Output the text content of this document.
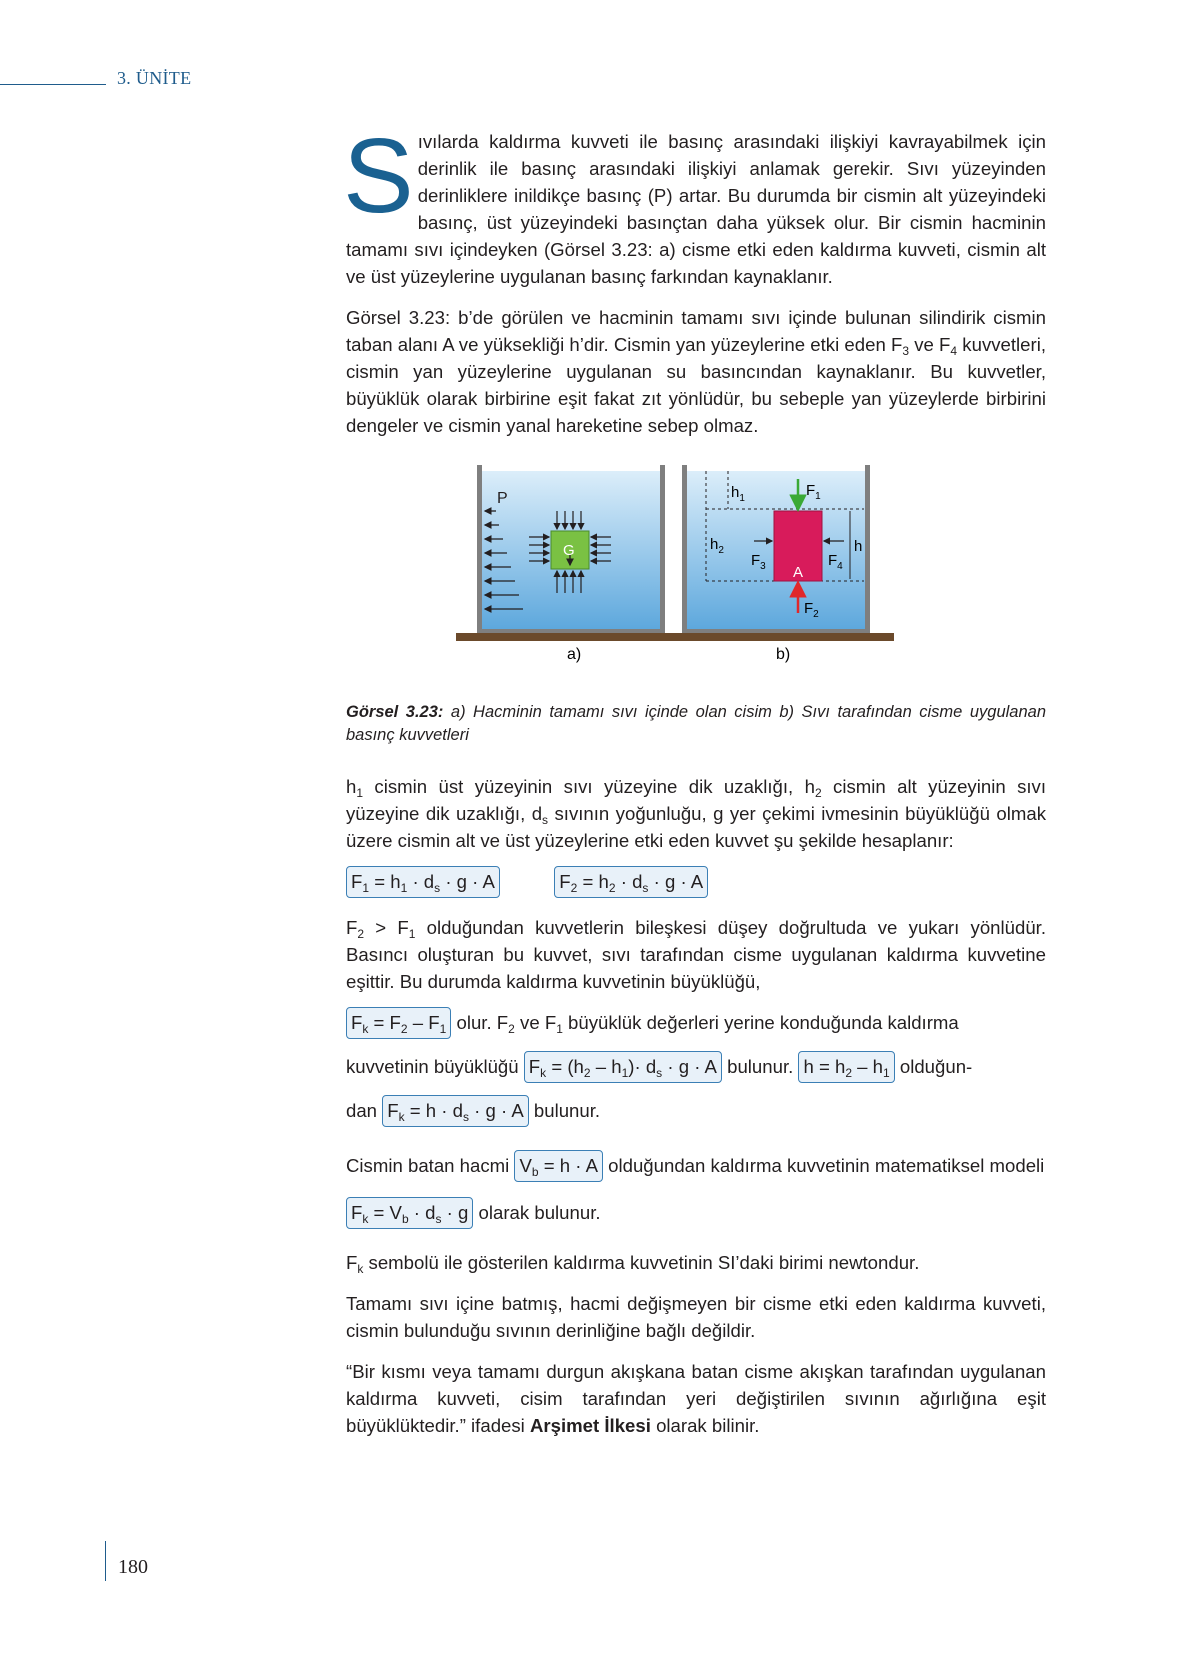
3. ÜNİTE

Sıvılarda kaldırma kuvveti ile basınç arasındaki ilişkiyi kavrayabilmek için derinlik ile basınç arasındaki ilişkiyi anlamak gerekir. Sıvı yüzeyinden derinliklere inildikçe basınç (P) artar. Bu durumda bir cismin alt yüzeyindeki basınç, üst yüzeyindeki basınçtan daha yüksek olur. Bir cismin hacminin tamamı sıvı içindeyken (Görsel 3.23: a) cisme etki eden kaldırma kuvveti, cismin alt ve üst yüzeylerine uygulanan basınç farkından kaynaklanır.

Görsel 3.23: b’de görülen ve hacminin tamamı sıvı içinde bulunan silindirik cismin taban alanı A ve yüksekliği h’dir. Cismin yan yüzeylerine etki eden $F_3$ ve $F_4$ kuvvetleri, cismin yan yüzeylerine uygulanan su basıncından kaynaklanır. Bu kuvvetler, büyüklük olarak birbirine eşit fakat zıt yönlüdür, bu sebeple yan yüzeylerde birbirini dengeler ve cismin yanal hareketine sebep olmaz.

P
G
A
$h_1$
$h_2$	h
$F_1$
$F_2$
$F_3$	$F_4$
a)	b)

Görsel 3.23: a) Hacminin tamamı sıvı içinde olan cisim b) Sıvı tarafından cisme uygulanan basınç kuvvetleri

$h_1$ cismin üst yüzeyinin sıvı yüzeyine dik uzaklığı, $h_2$ cismin alt yüzeyinin sıvı yüzeyine dik uzaklığı, $d_s$ sıvının yoğunluğu, g yer çekimi ivmesinin büyüklüğü olmak üzere cismin alt ve üst yüzeylerine etki eden kuvvet şu şekilde hesaplanır:

$F_1 = h_1 \cdot d_s \cdot g \cdot A$	$F_2 = h_2 \cdot d_s \cdot g \cdot A$

$F_2 > F_1$ olduğundan kuvvetlerin bileşkesi düşey doğrultuda ve yukarı yönlüdür. Basıncı oluşturan bu kuvvet, sıvı tarafından cisme uygulanan kaldırma kuvvetine eşittir. Bu durumda kaldırma kuvvetinin büyüklüğü,

$F_k = F_2 - F_1$ olur. $F_2$ ve $F_1$ büyüklük değerleri yerine konduğunda kaldırma
kuvvetinin büyüklüğü $F_k = (h_2 - h_1)\cdot d_s \cdot g \cdot A$ bulunur. $h = h_2 - h_1$ olduğun-
dan $F_k = h \cdot d_s \cdot g \cdot A$ bulunur.

Cismin batan hacmi $V_b = h \cdot A$ olduğundan kaldırma kuvvetinin matematiksel modeli

$F_k = V_b \cdot d_s \cdot g$ olarak bulunur.

$F_k$ sembolü ile gösterilen kaldırma kuvvetinin SI’daki birimi newtondur.

Tamamı sıvı içine batmış, hacmi değişmeyen bir cisme etki eden kaldırma kuvveti, cismin bulunduğu sıvının derinliğine bağlı değildir.

“Bir kısmı veya tamamı durgun akışkana batan cisme akışkan tarafından uygulanan kaldırma kuvveti, cisim tarafından yeri değiştirilen sıvının ağırlığına eşit büyüklüktedir.” ifadesi Arşimet İlkesi olarak bilinir.

180
